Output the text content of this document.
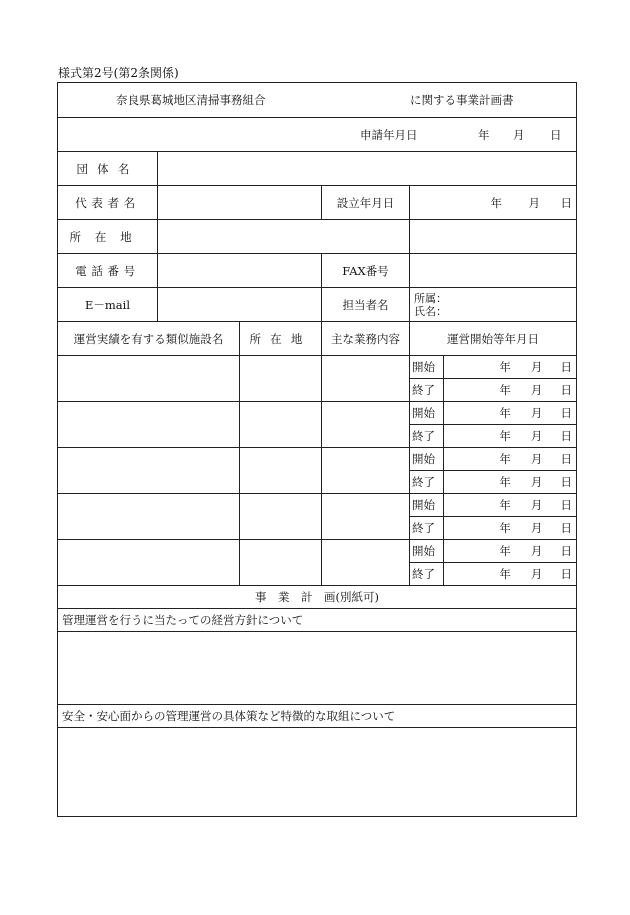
様式第2号(第2条関係)
奈良県葛城地区清掃事務組合 に関する事業計画書					

申請年月日 年 月 日					

団体名					
代表者名			設立年月日	年 月 日	

所在地					
電話番号			FAX番号		
E－mail			担当者名	所属：
氏名：	

運営実績を有する類似施設名		所在地	主な業務内容	運営開始等年月日	
				開始	年 月 日

				終了	年 月 日

				開始	年 月 日

				終了	年 月 日

				開始	年 月 日

				終了	年 月 日

				開始	年 月 日

				終了	年 月 日

				開始	年 月 日

				終了	年 月 日

事　業　計　画(別紙可)					
管理運営を行うに当たっての経営方針について					

安全・安心面からの管理運営の具体策など特徴的な取組について					
